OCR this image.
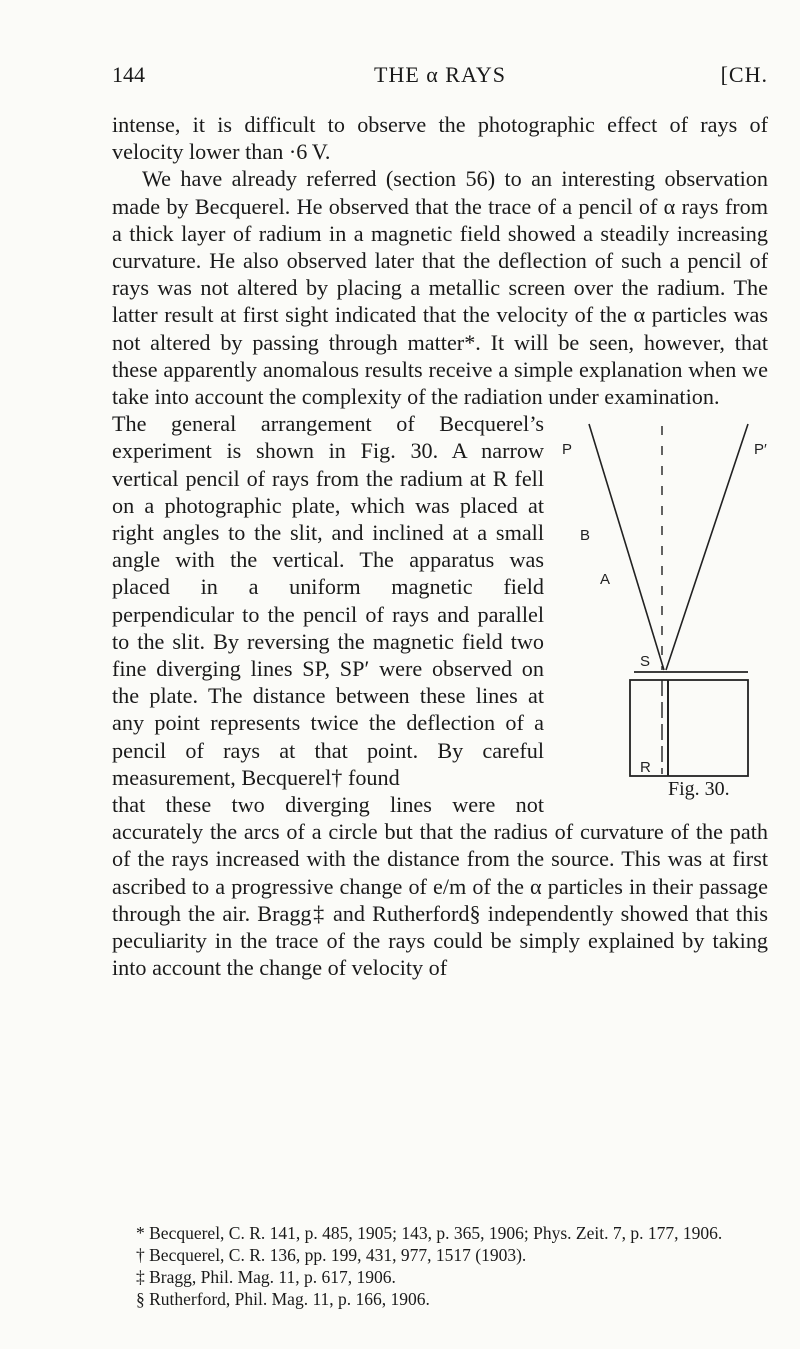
144	THE α RAYS	[CH.

intense, it is difficult to observe the photographic effect of rays of velocity lower than ·6 V.

We have already referred (section 56) to an interesting observation made by Becquerel. He observed that the trace of a pencil of α rays from a thick layer of radium in a magnetic field showed a steadily increasing curvature. He also observed later that the deflection of such a pencil of rays was not altered by placing a metallic screen over the radium. The latter result at first sight indicated that the velocity of the α particles was not altered by passing through matter*. It will be seen, however, that these apparently anomalous results receive a simple explanation when we take into account the complexity of the radiation under examination.

P	P′
B
A
S
R
Fig. 30.

The general arrangement of Becquerel’s experiment is shown in Fig. 30. A narrow vertical pencil of rays from the radium at R fell on a photographic plate, which was placed at right angles to the slit, and inclined at a small angle with the vertical. The apparatus was placed in a uniform magnetic field perpendicular to the pencil of rays and parallel to the slit. By reversing the magnetic field two fine diverging lines SP, SP′ were observed on the plate. The distance between these lines at any point represents twice the deflection of a pencil of rays at that point. By careful measurement, Becquerel† found

that these two diverging lines were not accurately the arcs of a circle but that the radius of curvature of the path of the rays increased with the distance from the source. This was at first ascribed to a progressive change of e/m of the α particles in their passage through the air. Bragg‡ and Rutherford§ independently showed that this peculiarity in the trace of the rays could be simply explained by taking into account the change of velocity of

* Becquerel, C. R. 141, p. 485, 1905; 143, p. 365, 1906; Phys. Zeit. 7, p. 177, 1906.

† Becquerel, C. R. 136, pp. 199, 431, 977, 1517 (1903).

‡ Bragg, Phil. Mag. 11, p. 617, 1906.

§ Rutherford, Phil. Mag. 11, p. 166, 1906.
